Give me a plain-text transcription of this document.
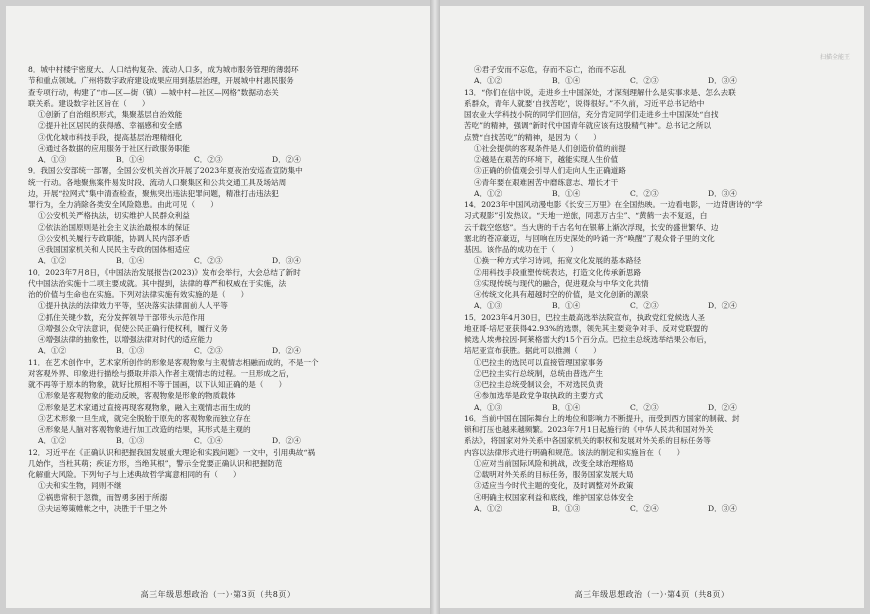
8．城中村楼宇密度大、人口结构复杂、流动人口多，成为城市服务管理的薄弱环

节和重点领域。广州将数字政府建设成果应用到基层治理，开展城中村惠民服务

查专项行动，构建了“市—区—街（镇）—城中村—社区—网格”数据动态关

联关系。建设数字社区旨在（　　）

①创新了自治组织形式，集聚基层自治效能

②提升社区居民的获得感、幸福感和安全感

③优化城市科技手段，提高基层治理精细化

④通过各数据的应用服务于社区行政服务职能

A．①③	B．①④	C．②③	D．②④

9．我国公安部统一部署，全国公安机关首次开展了2023年夏夜治安巡查宣防集中

统一行动。各地聚焦案件易发时段、流动人口聚集区和公共交通工具及场站周

边，开展“拉网式”集中清查检查，聚焦突出违法犯罪问题，精准打击违法犯

罪行为，全力消除各类安全风险隐患。由此可见（　　）

①公安机关严格执法，切实维护人民群众利益

②依法治国原则是社会主义法治最根本的保证

③公安机关履行专政职能，协调人民内部矛盾

④我国国家机关和人民民主专政的国体相适应

A．①②	B．①④	C．②③	D．③④

10．2023年7月8日，《中国法治发展报告(2023)》发布会举行，大会总结了新时

代中国法治实施十二项主要成就。其中提到，法律的尊严和权威在于实施，法

治的价值与生命也在实施。下列对法律实施有效实施的是（　　）

①提升执法的法律效力平等，坚决落实法律面前人人平等

②抓住关键少数，充分发挥领导干部带头示范作用

③增强公众守法意识，促使公民正确行使权利，履行义务

④增强法律的抽象性，以增强法律对时代的适应能力

A．①②	B．①③	C．②③	D．②④

11．在艺术创作中，艺术家所创作的形象是客观物象与主观情志相融而成的，不是一个

对客观外界、印象进行描绘与摄取并添入作者主观情志的过程。一旦形成之后，

就不再等于原本的物象，就好比照相不等于国画，以下认知正确的是（　　）

①形象是客观物象的能动反映，客观物象是形象的物质载体

②形象是艺术家通过直接再现客观物象，融入主观情志而生成的

③艺术形象一旦生成，就完全脱胎于原先的客观物象而独立存在

④形象是人脑对客观物象进行加工改造的结果，其形式是主观的

A．①②	B．①③	C．①④	D．②④

12．习近平在《正确认识和把握我国发展重大理论和实践问题》一文中，引用典故“祸

几始作，当杜其萌；疾证方形，当绝其根”，警示全党要正确认识和把握防范

化解重大风险。下列句子与上述典故哲学寓意相同的有（　　）

①夫和实生物，同则不继

②祸患常积于忽微，而智勇多困于所溺

③夫运筹策帷帐之中，决胜于千里之外

高三年级思想政治（一）·第3页（共8页）
扫描全能王

④君子安而不忘危，存而不忘亡，治而不忘乱

A．①②	B．①④	C．②③	D．③④

13．“你们在信中说，走进乡土中国深处，才深刻理解什么是实事求是、怎么去联

系群众，青年人就要‘自找苦吃’，说得很好。”不久前，习近平总书记给中

国农业大学科技小院的同学们回信，充分肯定同学们走进乡土中国深处“自找

苦吃”的精神，强调“新时代中国青年就应该有这股精气神”。总书记之所以

点赞“自找苦吃”的精神，是因为（　　）

①社会提供的客观条件是人们创造价值的前提

②越是在艰苦的环境下，越能实现人生价值

③正确的价值观会引导人们走向人生正确道路

④青年要在艰难困苦中磨练意志、增长才干

A．①②	B．①④	C．②③	D．③④

14．2023年中国风动漫电影《长安三万里》在全国热映。一边看电影，一边背唐诗的“学

习式观影”引发热议。“天地一逆旅，同悲万古尘”、“黄鹤一去不复返，白

云千载空悠悠”。当大唐的千古名句在银幕上渐次浮现，长安的盛世繁华、边

塞北的苍凉豪迈，与回响在历史深处的吟诵一齐“唤醒”了观众骨子里的文化

基因。该作品的成功在于（　　）

①换一种方式学习诗词，拓宽文化发展的基本路径

②用科技手段重塑传统表达，打造文化传承新思路

③实现传统与现代的融合，促进观众与中华文化共情

④传统文化具有超越时空的价值，是文化创新的源泉

A．①③	B．①④	C．②③	D．②④

15．2023年4月30日，巴拉圭最高选举法院宣布，执政党红党候选人圣

地亚哥·培尼亚获得42.93%的选票，领先其主要竞争对手、反对党联盟的

候选人埃弗拉因·阿莱格雷大约15个百分点。巴拉圭总统选举结果公布后，

培尼亚宣布获胜。据此可以推测（　　）

①巴拉圭的选民可以直接管理国家事务

②巴拉圭实行总统制，总统由普选产生

③巴拉圭总统受制议会，不对选民负责

④参加选举是政党争取执政的主要方式

A．①③	B．①④	C．②③	D．②④

16．当前中国在国际舞台上的地位和影响力不断提升，而受到西方国家的制裁、封

锁和打压也越来越频繁。2023年7月1日起施行的《中华人民共和国对外关

系法》，将国家对外关系中各国家机关的职权和发展对外关系的目标任务等

内容以法律形式进行明确和规范。该法的制定和实施旨在（　　）

①应对当前国际风险和挑战，改变全球治理格局

②载明对外关系的目标任务，服务国家发展大局

③适应当今时代主题的变化，及时调整对外政策

④明确主权国家利益和底线，维护国家总体安全

A．①②	B．①③	C．②④	D．③④

高三年级思想政治（一）·第4页（共8页）
